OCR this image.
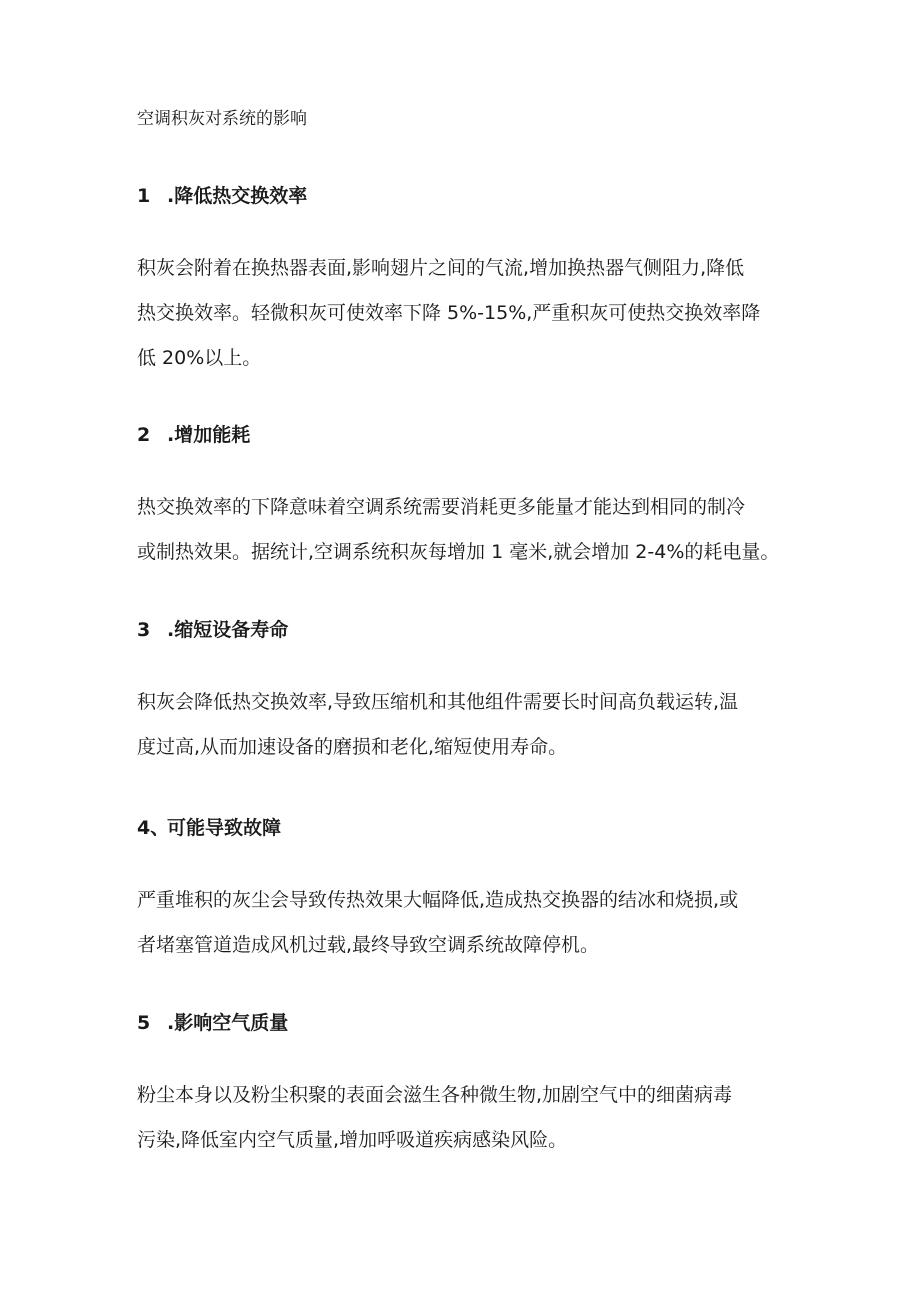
空调积灰对系统的影响
1 .降低热交换效率
积灰会附着在换热器表面,影响翅片之间的气流,增加换热器气侧阻力,降低
热交换效率。轻微积灰可使效率下降 5%-15%,严重积灰可使热交换效率降
低 20%以上。
2 .增加能耗
热交换效率的下降意味着空调系统需要消耗更多能量才能达到相同的制冷
或制热效果。据统计,空调系统积灰每增加 1 毫米,就会增加 2-4%的耗电量。
3 .缩短设备寿命
积灰会降低热交换效率,导致压缩机和其他组件需要长时间高负载运转,温
度过高,从而加速设备的磨损和老化,缩短使用寿命。
4、可能导致故障
严重堆积的灰尘会导致传热效果大幅降低,造成热交换器的结冰和烧损,或
者堵塞管道造成风机过载,最终导致空调系统故障停机。
5 .影响空气质量
粉尘本身以及粉尘积聚的表面会滋生各种微生物,加剧空气中的细菌病毒
污染,降低室内空气质量,增加呼吸道疾病感染风险。
